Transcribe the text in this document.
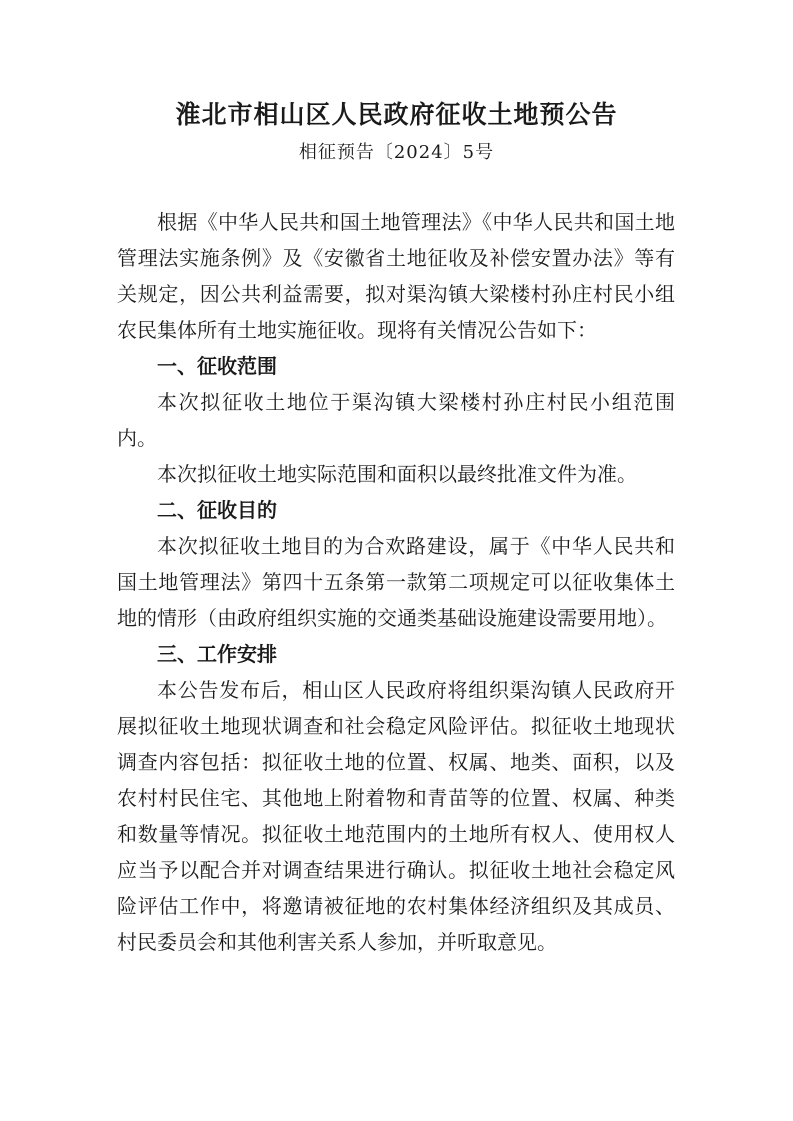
淮北市相山区人民政府征收土地预公告
相征预告〔2024〕5号

根据《中华人民共和国土地管理法》《中华人民共和国土地管理法实施条例》及《安徽省土地征收及补偿安置办法》等有关规定，因公共利益需要，拟对渠沟镇大梁楼村孙庄村民小组农民集体所有土地实施征收。现将有关情况公告如下：

一、征收范围

本次拟征收土地位于渠沟镇大梁楼村孙庄村民小组范围内。

本次拟征收土地实际范围和面积以最终批准文件为准。

二、征收目的

本次拟征收土地目的为合欢路建设，属于《中华人民共和国土地管理法》第四十五条第一款第二项规定可以征收集体土地的情形（由政府组织实施的交通类基础设施建设需要用地）。

三、工作安排

本公告发布后，相山区人民政府将组织渠沟镇人民政府开展拟征收土地现状调查和社会稳定风险评估。拟征收土地现状调查内容包括：拟征收土地的位置、权属、地类、面积，以及农村村民住宅、其他地上附着物和青苗等的位置、权属、种类和数量等情况。拟征收土地范围内的土地所有权人、使用权人应当予以配合并对调查结果进行确认。拟征收土地社会稳定风险评估工作中，将邀请被征地的农村集体经济组织及其成员、村民委员会和其他利害关系人参加，并听取意见。
